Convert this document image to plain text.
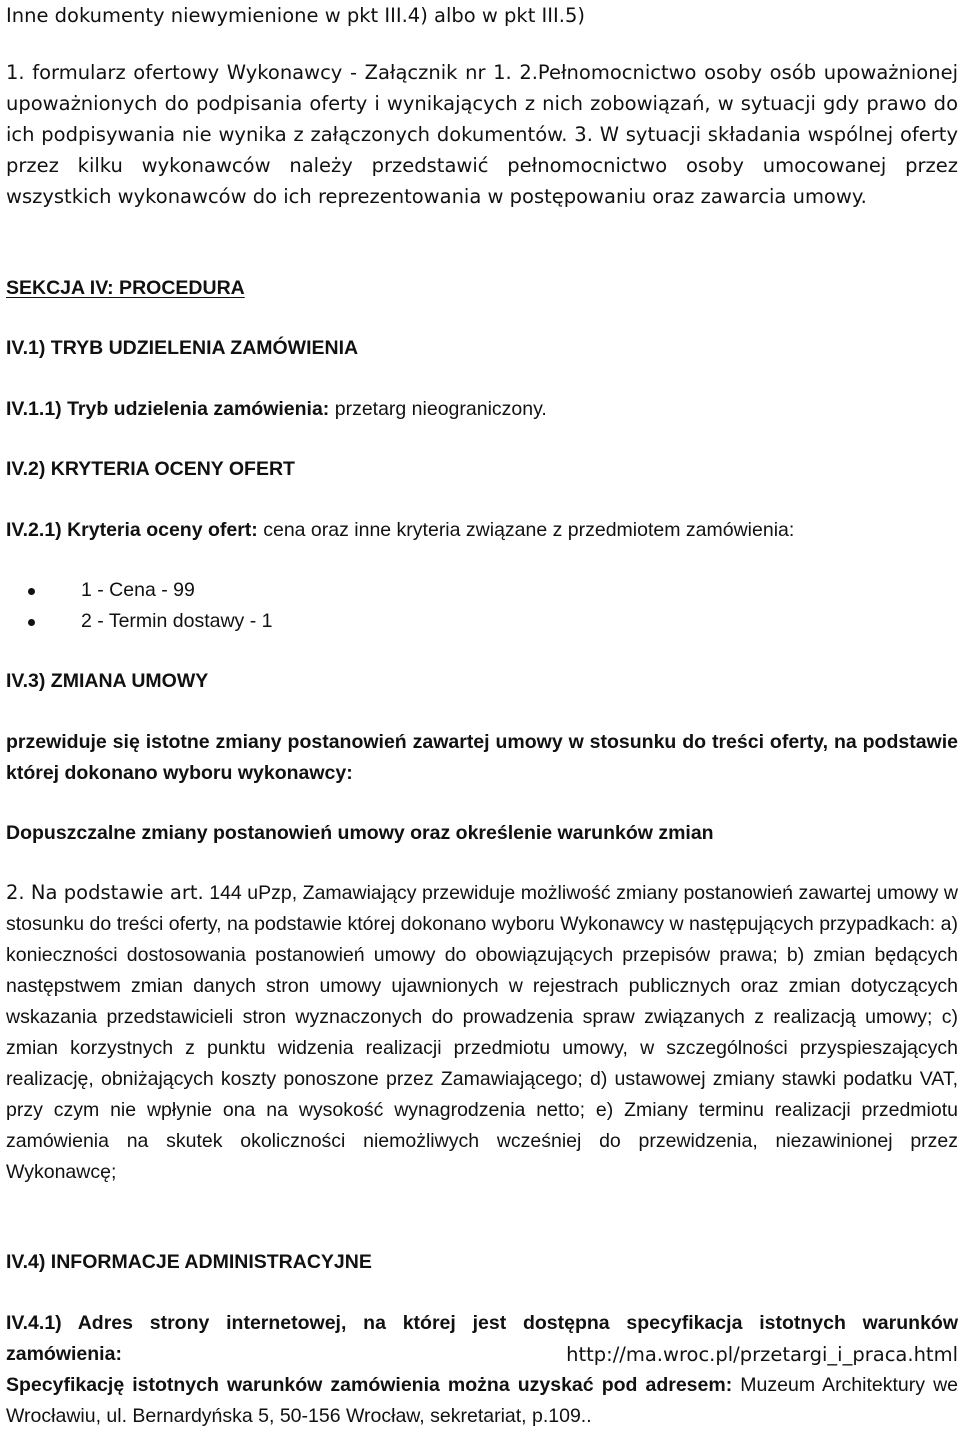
Inne dokumenty niewymienione w pkt III.4) albo w pkt III.5)

1. formularz ofertowy Wykonawcy - Załącznik nr 1. 2.Pełnomocnictwo osoby osób upoważnionej upoważnionych do podpisania oferty i wynikających z nich zobowiązań, w sytuacji gdy prawo do ich podpisywania nie wynika z załączonych dokumentów. 3. W sytuacji składania wspólnej oferty przez kilku wykonawców należy przedstawić pełnomocnictwo osoby umocowanej przez wszystkich wykonawców do ich reprezentowania w postępowaniu oraz zawarcia umowy.

SEKCJA IV: PROCEDURA

IV.1) TRYB UDZIELENIA ZAMÓWIENIA

IV.1.1) Tryb udzielenia zamówienia: przetarg nieograniczony.

IV.2) KRYTERIA OCENY OFERT

IV.2.1) Kryteria oceny ofert: cena oraz inne kryteria związane z przedmiotem zamówienia:

1 - Cena - 99
2 - Termin dostawy - 1

IV.3) ZMIANA UMOWY

przewiduje się istotne zmiany postanowień zawartej umowy w stosunku do treści oferty, na podstawie której dokonano wyboru wykonawcy:

Dopuszczalne zmiany postanowień umowy oraz określenie warunków zmian

2. Na podstawie art. 144 uPzp, Zamawiający przewiduje możliwość zmiany postanowień zawartej umowy w stosunku do treści oferty, na podstawie której dokonano wyboru Wykonawcy w następujących przypadkach: a) konieczności dostosowania postanowień umowy do obowiązujących przepisów prawa; b) zmian będących następstwem zmian danych stron umowy ujawnionych w rejestrach publicznych oraz zmian dotyczących wskazania przedstawicieli stron wyznaczonych do prowadzenia spraw związanych z realizacją umowy; c) zmian korzystnych z punktu widzenia realizacji przedmiotu umowy, w szczególności przyspieszających realizację, obniżających koszty ponoszone przez Zamawiającego; d) ustawowej zmiany stawki podatku VAT, przy czym nie wpłynie ona na wysokość wynagrodzenia netto; e) Zmiany terminu realizacji przedmiotu zamówienia na skutek okoliczności niemożliwych wcześniej do przewidzenia, niezawinionej przez Wykonawcę;

IV.4) INFORMACJE ADMINISTRACYJNE

IV.4.1) Adres strony internetowej, na której jest dostępna specyfikacja istotnych warunków zamówienia:	http://ma.wroc.pl/przetargi_i_praca.html

Specyfikację istotnych warunków zamówienia można uzyskać pod adresem: Muzeum Architektury we Wrocławiu, ul. Bernardyńska 5, 50-156 Wrocław, sekretariat, p.109..
